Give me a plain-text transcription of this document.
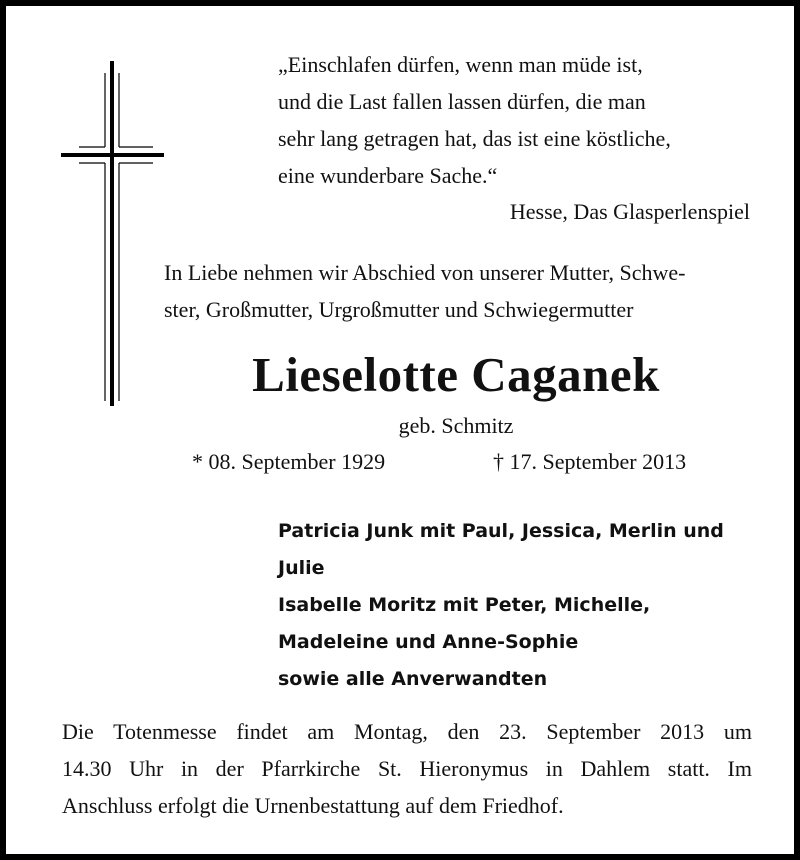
„Einschlafen dürfen, wenn man müde ist,
und die Last fallen lassen dürfen, die man
sehr lang getragen hat, das ist eine köstliche,
eine wunderbare Sache.“
Hesse, Das Glasperlenspiel
In Liebe nehmen wir Abschied von unserer Mutter, Schwe-
ster, Großmutter, Urgroßmutter und Schwiegermutter
Lieselotte Caganek
geb. Schmitz
* 08. September 1929	† 17. September 2013
Patricia Junk mit Paul, Jessica, Merlin und
Julie
Isabelle Moritz mit Peter, Michelle,
Madeleine und Anne-Sophie
sowie alle Anverwandten
Die Totenmesse findet am Montag, den 23. September 2013 um
14.30 Uhr in der Pfarrkirche St. Hieronymus in Dahlem statt. Im
Anschluss erfolgt die Urnenbestattung auf dem Friedhof.
